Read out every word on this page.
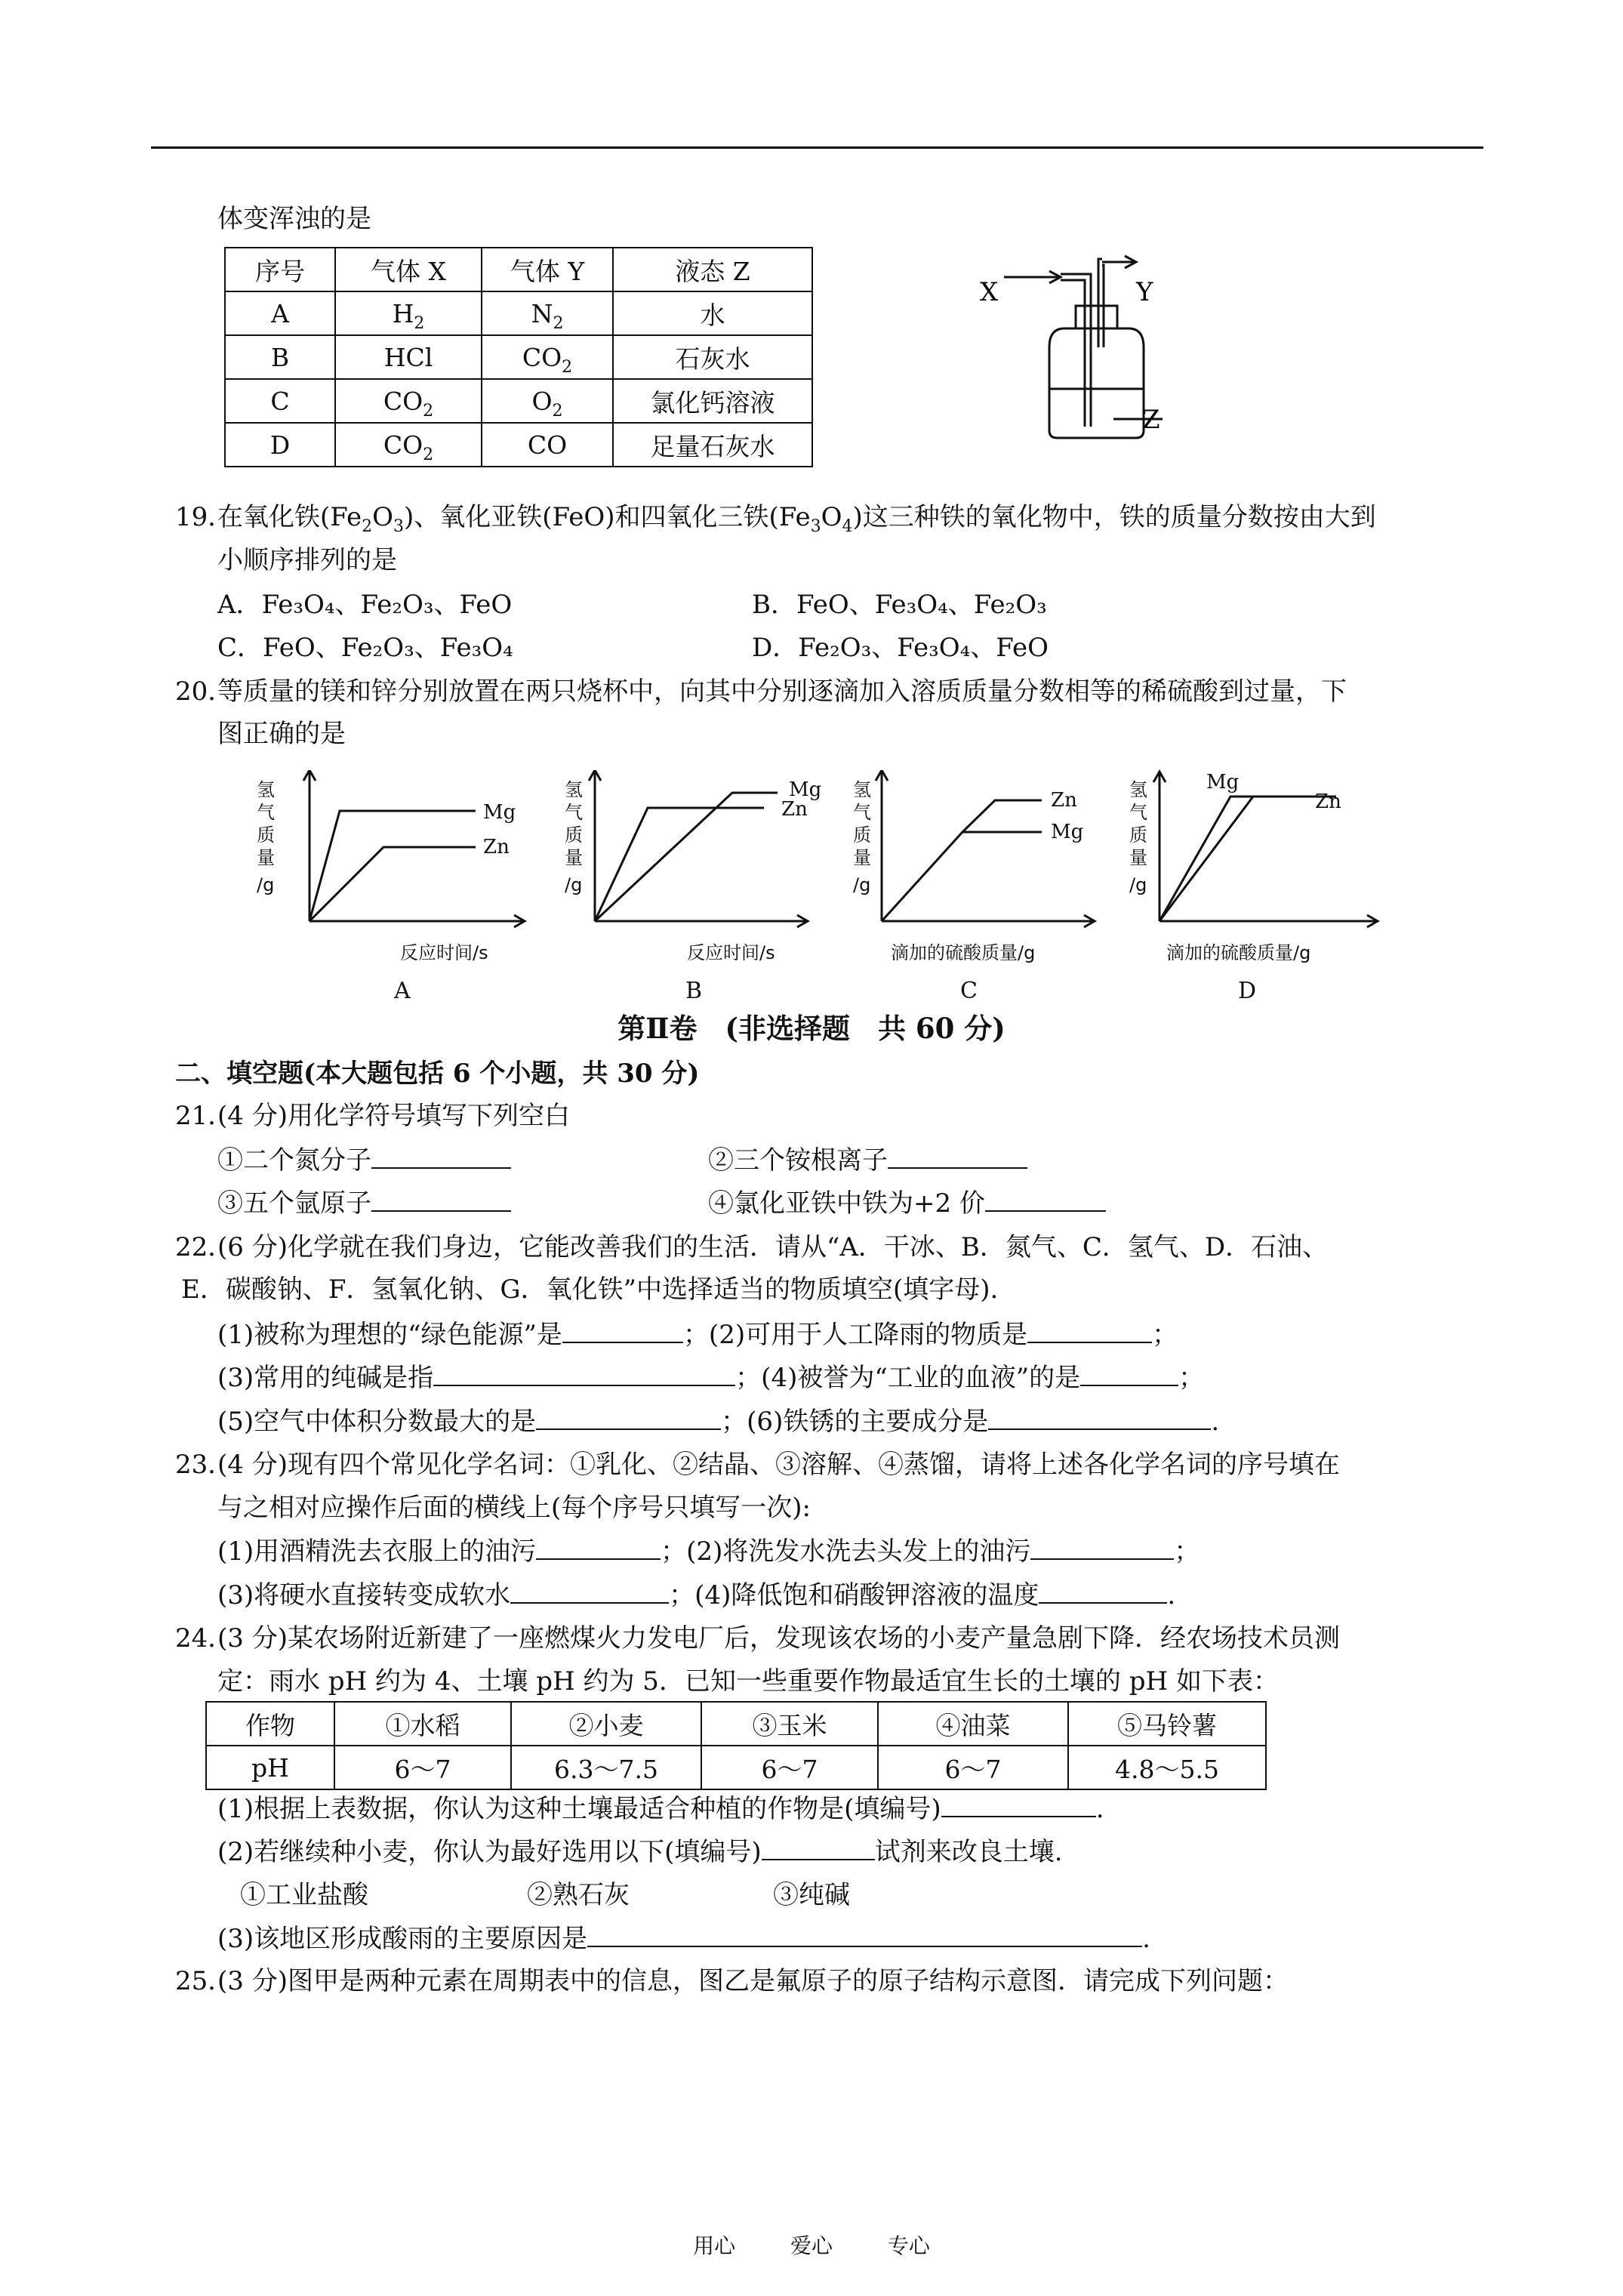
体变浑浊的是
序号	气体 X	气体 Y	液态 Z
A	$H_2$	$N_2$	水
B	HCl	$CO_2$	石灰水
C	$CO_2$	$O_2$	氯化钙溶液
D	$CO_2$	CO	足量石灰水
X	Y
Z
19．
在氧化铁$(Fe_2O_3)$、氧化亚铁(FeO)和四氧化三铁$(Fe_3O_4)$这三种铁的氧化物中，铁的质量分数按由大到
小顺序排列的是
A．Fe₃O₄、Fe₂O₃、FeO	B．FeO、Fe₃O₄、Fe₂O₃
C．FeO、Fe₂O₃、Fe₃O₄	D．Fe₂O₃、Fe₃O₄、FeO
20．
等质量的镁和锌分别放置在两只烧杯中，向其中分别逐滴加入溶质质量分数相等的稀硫酸到过量，下
图正确的是
氢
气
质
量
/g
Mg
Zn
反应时间/s
A
氢
气
质
量
/g
Mg
Zn
反应时间/s
B
氢
气
质
量
/g
Zn
Mg
滴加的硫酸质量/g
C
氢
气
质
量
/g
Mg
Zn
滴加的硫酸质量/g
D
第Ⅱ卷　(非选择题　共 60 分)
二、填空题(本大题包括 6 个小题，共 30 分)
21．
(4 分)用化学符号填写下列空白
①二个氮分子	②三个铵根离子
③五个氩原子	④氯化亚铁中铁为+2 价
22．
(6 分)化学就在我们身边，它能改善我们的生活．请从“A．干冰、B．氮气、C．氢气、D．石油、
E．碳酸钠、F．氢氧化钠、G．氧化铁”中选择适当的物质填空(填字母).
(1)被称为理想的“绿色能源”是	；(2)可用于人工降雨的物质是	；
(3)常用的纯碱是指	；(4)被誉为“工业的血液”的是	；
(5)空气中体积分数最大的是	；(6)铁锈的主要成分是	.
23．
(4 分)现有四个常见化学名词：①乳化、②结晶、③溶解、④蒸馏，请将上述各化学名词的序号填在
与之相对应操作后面的横线上(每个序号只填写一次):
(1)用酒精洗去衣服上的油污	；(2)将洗发水洗去头发上的油污	；
(3)将硬水直接转变成软水	；(4)降低饱和硝酸钾溶液的温度	.
24．
(3 分)某农场附近新建了一座燃煤火力发电厂后，发现该农场的小麦产量急剧下降．经农场技术员测
定：雨水 pH 约为 4、土壤 pH 约为 5．已知一些重要作物最适宜生长的土壤的 pH 如下表：
作物	①水稻	②小麦	③玉米	④油菜	⑤马铃薯
pH	6～7	6.3～7.5	6～7	6～7	4.8～5.5
(1)根据上表数据，你认为这种土壤最适合种植的作物是(填编号)	.
(2)若继续种小麦，你认为最好选用以下(填编号)	试剂来改良土壤.
①工业盐酸	②熟石灰	③纯碱
(3)该地区形成酸雨的主要原因是	.
25．
(3 分)图甲是两种元素在周期表中的信息，图乙是氟原子的原子结构示意图．请完成下列问题：
用心	爱心	专心
